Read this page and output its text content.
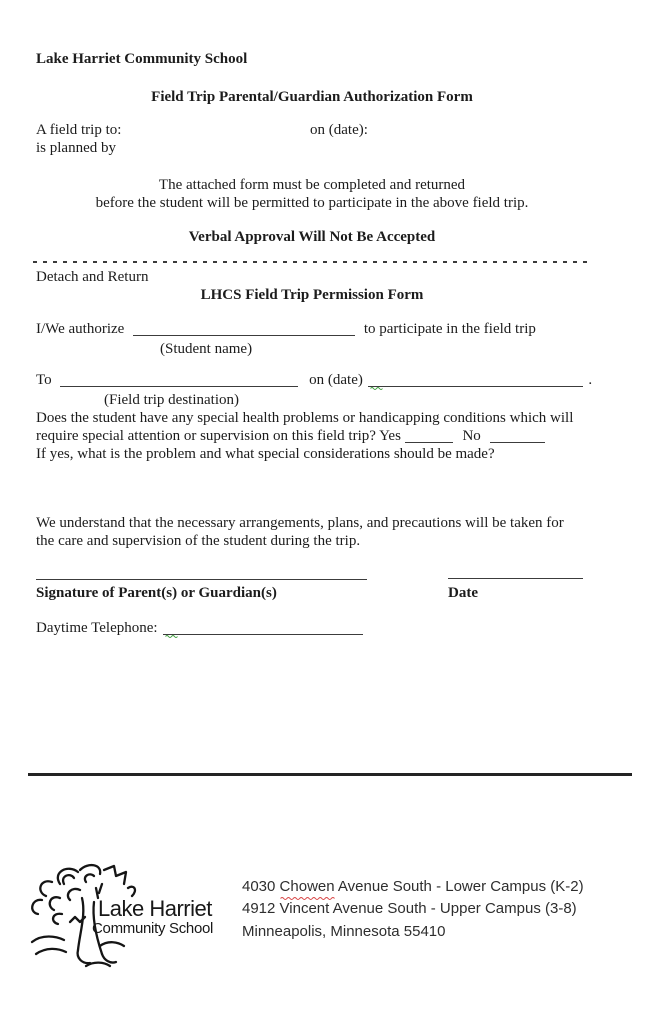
Lake Harriet Community School
Field Trip Parental/Guardian Authorization Form
A field trip to:	on (date):
is planned by
The attached form must be completed and returned
before the student will be permitted to participate in the above field trip.
Verbal Approval Will Not Be Accepted
Detach and Return
LHCS Field Trip Permission Form
I/We authorize	to participate in the field trip
(Student name)
To	on (date)	.
(Field trip destination)
Does the student have any special health problems or handicapping conditions which will
require special attention or supervision on this field trip? Yes	No
If yes, what is the problem and what special considerations should be made?
We understand that the necessary arrangements, plans, and precautions will be taken for
the care and supervision of the student during the trip.
Signature of Parent(s) or Guardian(s)	Date
Daytime Telephone:
Lake Harriet
Community School
4030 Chowen
Avenue South - Lower Campus (K-2)
4912 Vincent Avenue South - Upper Campus (3-8)
Minneapolis, Minnesota 55410
